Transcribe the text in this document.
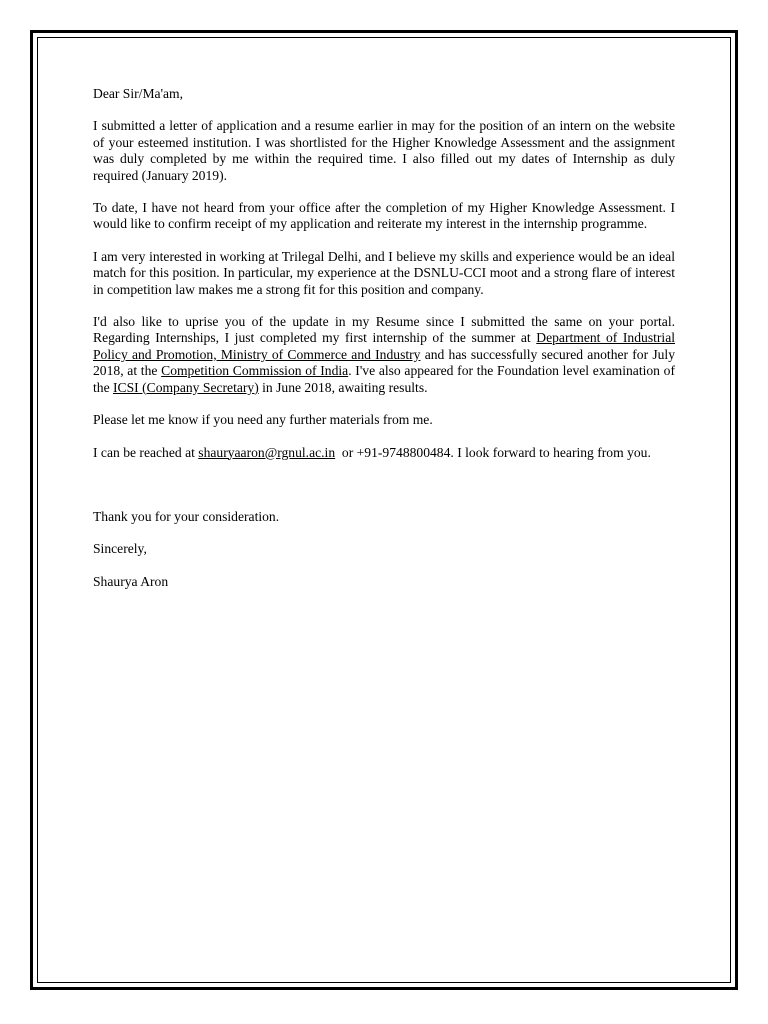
Dear Sir/Ma'am,

I submitted a letter of application and a resume earlier in may for the position of an intern on the website of your esteemed institution. I was shortlisted for the Higher Knowledge Assessment and the assignment was duly completed by me within the required time. I also filled out my dates of Internship as duly required (January 2019).

To date, I have not heard from your office after the completion of my Higher Knowledge Assessment. I would like to confirm receipt of my application and reiterate my interest in the internship programme.

I am very interested in working at Trilegal Delhi, and I believe my skills and experience would be an ideal match for this position. In particular, my experience at the DSNLU-CCI moot and a strong flare of interest in competition law makes me a strong fit for this position and company.

I'd also like to uprise you of the update in my Resume since I submitted the same on your portal. Regarding Internships, I just completed my first internship of the summer at Department of Industrial Policy and Promotion, Ministry of Commerce and Industry and has successfully secured another for July 2018, at the Competition Commission of India. I've also appeared for the Foundation level examination of the ICSI (Company Secretary) in June 2018, awaiting results.

Please let me know if you need any further materials from me.

I can be reached at shauryaaron@rgnul.ac.in  or +91-9748800484. I look forward to hearing from you.

Thank you for your consideration.

Sincerely,

Shaurya Aron
